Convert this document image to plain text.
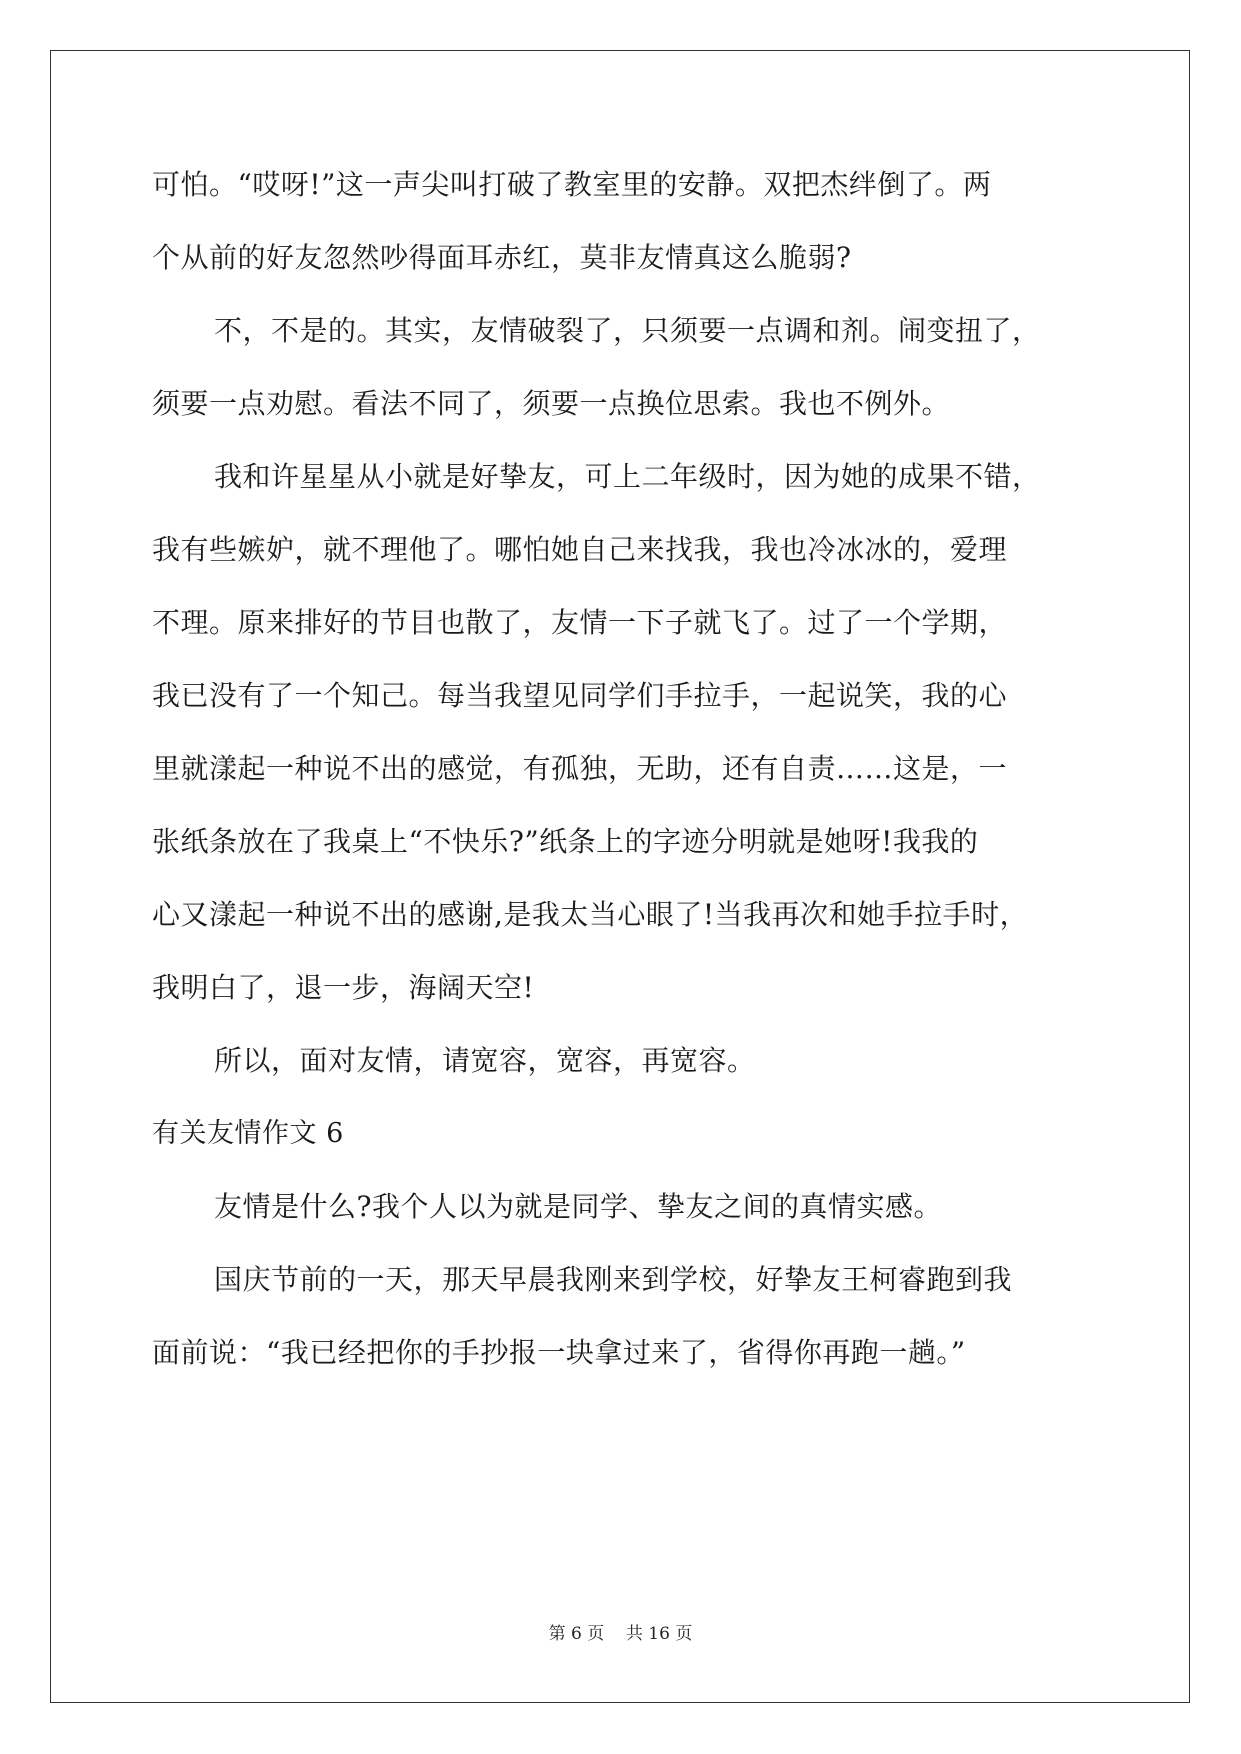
可怕。“哎呀!”这一声尖叫打破了教室里的安静。双把杰绊倒了。两
个从前的好友忽然吵得面耳赤红，莫非友情真这么脆弱?
不，不是的。其实，友情破裂了，只须要一点调和剂。闹变扭了，
须要一点劝慰。看法不同了，须要一点换位思索。我也不例外。
我和许星星从小就是好挚友，可上二年级时，因为她的成果不错，
我有些嫉妒，就不理他了。哪怕她自己来找我，我也冷冰冰的，爱理
不理。原来排好的节目也散了，友情一下子就飞了。过了一个学期，
我已没有了一个知己。每当我望见同学们手拉手，一起说笑，我的心
里就漾起一种说不出的感觉，有孤独，无助，还有自责……这是，一
张纸条放在了我桌上“不快乐?”纸条上的字迹分明就是她呀!我我的
心又漾起一种说不出的感谢,是我太当心眼了!当我再次和她手拉手时，
我明白了，退一步，海阔天空!
所以，面对友情，请宽容，宽容，再宽容。
有关友情作文 6
友情是什么?我个人以为就是同学、挚友之间的真情实感。
国庆节前的一天，那天早晨我刚来到学校，好挚友王柯睿跑到我
面前说：“我已经把你的手抄报一块拿过来了，省得你再跑一趟。”
第 6 页 共 16 页
